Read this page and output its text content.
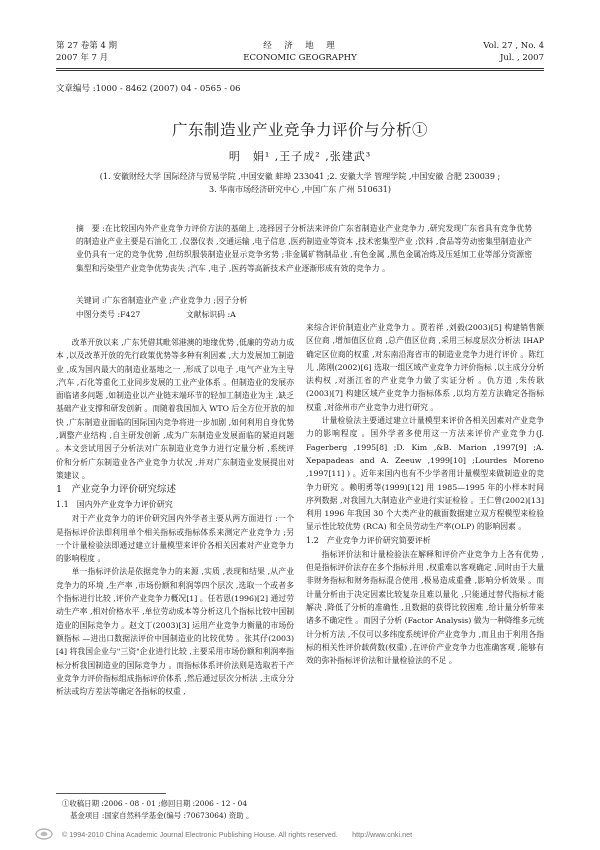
第 27 卷第 4 期
2007 年 7 月
经　济　地　理
ECONOMIC GEOGRAPHY
Vol. 27 , No. 4
Jul. , 2007
文章编号 :1000 - 8462 (2007) 04 - 0565 - 06
广东制造业产业竞争力评价与分析①
明　娟¹ ,王子成² ,张建武³
(1. 安徽财经大学 国际经济与贸易学院 ,中国安徽 蚌埠 233041 ;2. 安徽大学 管理学院 ,中国安徽 合肥 230039 ;
3. 华南市场经济研究中心 ,中国广东 广州 510631)
摘　要 :在比较国内外产业竞争力评价方法的基础上 ,选择因子分析法来评价广东省制造业产业竞争力 ,研究发现广东省具有竞争优势的制造业产业主要是石油化工 ,仪器仪表 ,交通运输 ,电子信息 ,医药制造业等资本 ,技术密集型产业 ;饮料 ,食品等劳动密集型制造业产业仍具有一定的竞争优势 ,但纺织服装制造业显示竞争劣势 ;非金属矿物制品业 ,有色金属 ,黑色金属冶炼及压延加工业等部分资源密集型和污染型产业竞争优势丧失 ;汽车 ,电子 ,医药等高新技术产业逐渐形成有效的竞争力 。
关键词 :广东省制造业产业 ;产业竞争力 ;因子分析
中图分类号 :F427	文献标识码 :A

改革开放以来 ,广东凭借其毗邻港澳的地缘优势 ,低廉的劳动力成本 ,以及改革开放的先行政策优势等多种有利因素 ,大力发展加工制造业 ,成为国内最大的制造业基地之一 ,形成了以电子 ,电气产业为主导 ,汽车 ,石化等重化工业同步发展的工业产业体系 。但制造业的发展亦面临诸多问题 ,如制造业以产业链末端环节的轻加工制造业为主 ,缺乏基础产业支撑和研发创新 。而随着我国加入 WTO 后全方位开放的加快 ,广东制造业面临的国际国内竞争将进一步加剧 ,如何利用自身优势 ,调整产业结构 ,自主研发创新 ,成为广东制造业发展面临的紧迫问题 。本文尝试用因子分析法对广东制造业竞争力进行定量分析 ,系统评价和分析广东制造业各产业竞争力状况 ,并对广东制造业发展提出对策建议 。

1　产业竞争力评价研究综述

1.1　国内外产业竞争力评价研究

对于产业竞争力的评价研究国内外学者主要从两方面进行 :一个是指标评价法即利用单个相关指标或指标体系来测定产业竞争力 ;另一个计量检验法即通过建立计量模型来评价各相关因素对产业竞争力的影响程度 。

单一指标评价法是依据竞争力的来源 ,实质 ,表现和结果 ,从产业竞争力的环境 ,生产率 ,市场份额和利润等四个层次 ,选取一个或者多个指标进行比较 ,评价产业竞争力概况[1] 。任若恩(1996)[2] 通过劳动生产率 ,相对价格水平 ,单位劳动成本等分析这几个指标比较中国制造业的国际竞争力 。赵文丁(2003)[3] 运用产业竞争力衡量的市场份额指标 —进出口数据法评价中国制造业的比较优势 。张其仔(2003)[4] 将我国企业与"三资"企业进行比较 ,主要采用市场份额和利润率指标分析我国制造业的国际竞争力 。而指标体系评价法则是选取若干产业竞争力评价指标组成指标评价体系 ,然后通过层次分析法 ,主成分分析法或均方差法等确定各指标的权重 ,

来综合评价制造业产业竞争力 。贾若祥 ,刘毅(2003)[5] 构建销售额区位商 ,增加值区位商 ,总产值区位商 ,采用三标度层次分析法 IHAP 确定区位商的权重 ,对东南沿海省市的制造业竞争力进行评价 。陈红儿 ,陈刚(2002)[6] 选取一组区域产业竞争力评价指标 ,以主成分分析法构权 ,对浙江省的产业竞争力做了实证分析 。仇方道 ,朱传耿(2003)[7] 构建区域产业竞争力指标体系 ,以均方差方法确定各指标权重 ,对徐州市产业竞争力进行研究 。

计量检验法主要通过建立计量模型来评价各相关因素对产业竞争力的影响程度 。国外学者多使用这一方法来评价产业竞争力(J. Fagerberg ,1995[8] ;D. Kim ,&B. Marion ,1997[9] ;A. Xepapadeas and A. Zeeuw ,1999[10] ;Lourdes Moreno ,1997[11] ) 。近年来国内也有不少学者用计量模型来做制造业的竞争力研究 。赖明勇等(1999)[12] 用 1985—1995 年的小样本时间序列数据 ,对我国九大制造业产业进行实证检验 。王仁曾(2002)[13] 利用 1996 年我国 30 个大类产业的截面数据建立双方程模型来检验显示性比较优势 (RCA) 和全员劳动生产率(OLP) 的影响因素 。

1.2　产业竞争力评价研究简要评析

指标评价法和计量检验法在解释和评价产业竞争力上各有优势 ,但是指标评价法存在多个指标并用 ,权重难以客观确定 ,同时由于大量非财务指标和财务指标混合使用 ,极易造成重叠 ,影响分析效果 。而计量分析由于决定因素比较复杂且难以量化 ,只能通过替代指标才能解决 ,降低了分析的准确性 ,且数据的获得比较困难 ,给计量分析带来诸多不确定性 。而因子分析 (Factor Analysis) 做为一种降维多元统计分析方法 ,不仅可以多纬度系统评价产业竞争力 ,而且由于利用各指标的相关性评价载荷数(权重) ,在评价产业竞争力也准确客观 ,能够有效的弥补指标评价法和计量检验法的不足 。

①收稿日期 :2006 - 08 - 01 ;修回日期 :2006 - 12 - 04
基金项目 :国家自然科学基金(编号 :70673064) 资助 。
© 1994-2010 China Academic Journal Electronic Publishing House. All rights reserved.　　http://www.cnki.net
